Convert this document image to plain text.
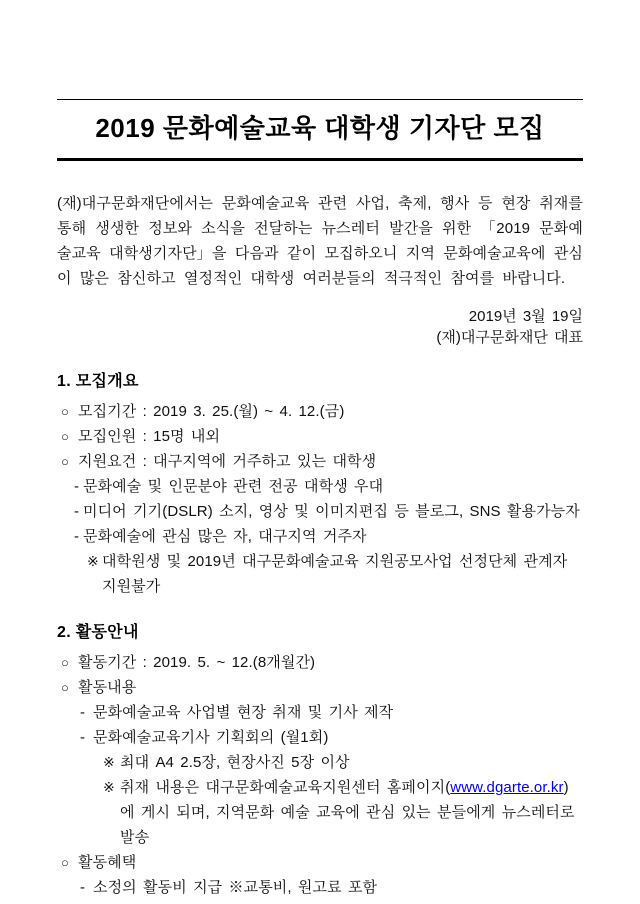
2019 문화예술교육 대학생 기자단 모집

(재)대구문화재단에서는 문화예술교육 관련 사업, 축제, 행사 등 현장 취재를 통해 생생한 정보와 소식을 전달하는 뉴스레터 발간을 위한 「2019 문화예술교육 대학생기자단」을 다음과 같이 모집하오니 지역 문화예술교육에 관심이 많은 참신하고 열정적인 대학생 여러분들의 적극적인 참여를 바랍니다.

2019년 3월 19일
(재)대구문화재단 대표
1. 모집개요
○ 모집기간 : 2019 3. 25.(월) ~ 4. 12.(금)
○ 모집인원 : 15명 내외
○ 지원요건 : 대구지역에 거주하고 있는 대학생
- 문화예술 및 인문분야 관련 전공 대학생 우대
- 미디어 기기(DSLR) 소지, 영상 및 이미지편집 등 블로그, SNS 활용가능자
- 문화예술에 관심 많은 자, 대구지역 거주자
※ 대학원생 및 2019년 대구문화예술교육 지원공모사업 선정단체 관계자 지원불가
2. 활동안내
○ 활동기간 : 2019. 5. ~ 12.(8개월간)
○ 활동내용
- 문화예술교육 사업별 현장 취재 및 기사 제작
- 문화예술교육기사 기획회의 (월1회)
※ 최대 A4 2.5장, 현장사진 5장 이상
※ 취재 내용은 대구문화예술교육지원센터 홈페이지(www.dgarte.or.kr)에 게시 되며, 지역문화 예술 교육에 관심 있는 분들에게 뉴스레터로 발송
○ 활동혜택
- 소정의 활동비 지급 ※교통비, 원고료 포함
